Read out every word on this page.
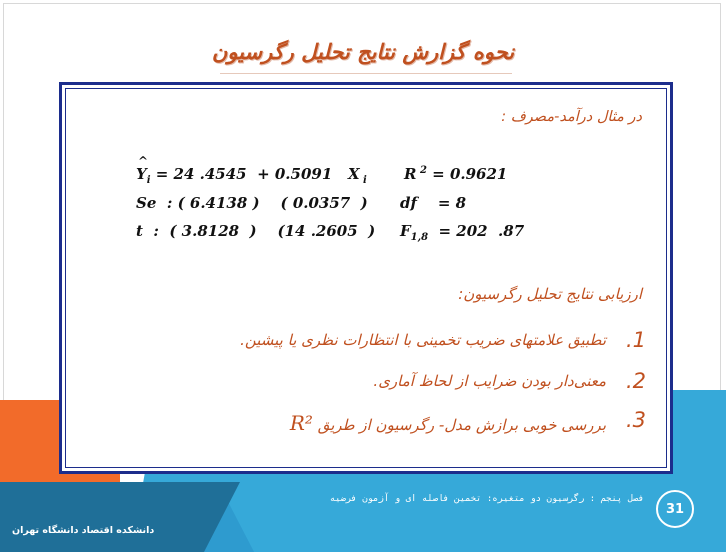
نحوه گزارش نتایج تحلیل رگرسیون
در مثال درآمد-مصرف :
^
$Y_i = 24$ .4545  + 0.5091 X $_i$ R $^2$ = 0.9621
Se  : ( 6.4138 )    ( 0.0357  ) df = 8
t  :  ( 3.8128  )    (14 .2605  ) $F_{1,8} = 202$  .87
ارزیابی نتایج تحلیل رگرسیون:
1.
تطبیق علامتهای ضریب تخمینی با انتظارات نظری یا پیشین.
2.
معنی‌دار بودن ضرایب از لحاظ آماری.
3.
بررسی خوبی برازش مدل- رگرسیون از طریق R²
فصل پنجم : رگرسیون دو متغیره: تخمین فاصله ای و آزمون فرضیه
31
دانشکده اقتصاد دانشگاه تهران
